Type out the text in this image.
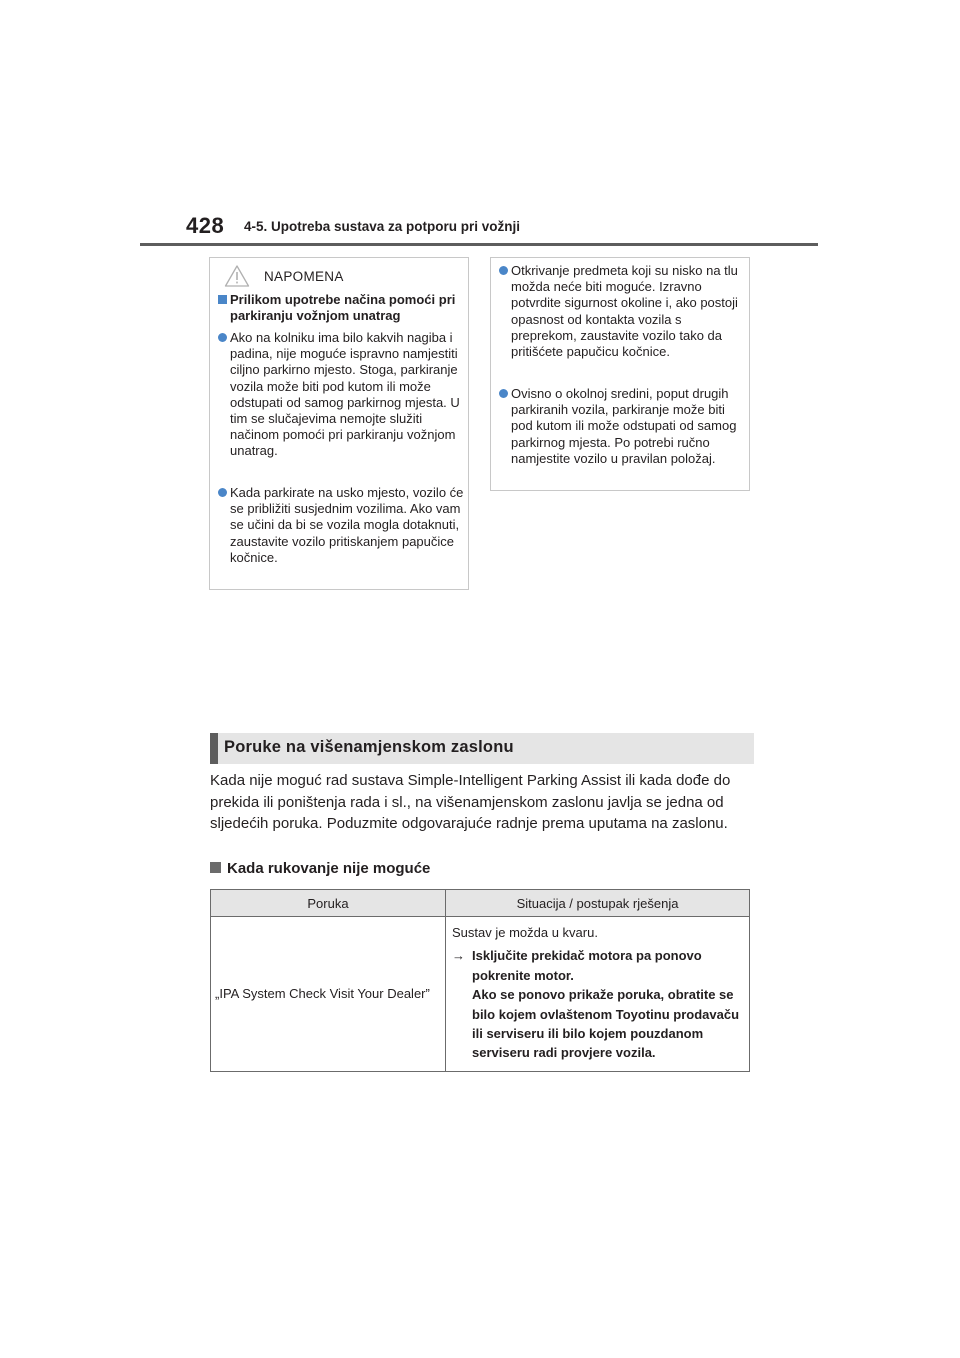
428 4-5. Upotreba sustava za potporu pri vožnji
NAPOMENA
Prilikom upotrebe načina pomoći pri parkiranju vožnjom unatrag
Ako na kolniku ima bilo kakvih nagiba i padina, nije moguće ispravno namjestiti ciljno parkirno mjesto. Stoga, parkiranje vozila može biti pod kutom ili može odstupati od samog parkirnog mjesta. U tim se slučajevima nemojte služiti načinom pomoći pri parkiranju vožnjom unatrag.
Kada parkirate na usko mjesto, vozilo će se približiti susjednim vozilima. Ako vam se učini da bi se vozila mogla dotaknuti, zaustavite vozilo pritiskanjem papučice kočnice.
Otkrivanje predmeta koji su nisko na tlu možda neće biti moguće. Izravno potvrdite sigurnost okoline i, ako postoji opasnost od kontakta vozila s preprekom, zaustavite vozilo tako da pritišćete papučicu kočnice.
Ovisno o okolnoj sredini, poput drugih parkiranih vozila, parkiranje može biti pod kutom ili može odstupati od samog parkirnog mjesta. Po potrebi ručno namjestite vozilo u pravilan položaj.
Poruke na višenamjenskom zaslonu
Kada nije moguć rad sustava Simple-Intelligent Parking Assist ili kada dođe do prekida ili poništenja rada i sl., na višenamjenskom zaslonu javlja se jedna od sljedećih poruka. Poduzmite odgovarajuće radnje prema uputama na zaslonu.
Kada rukovanje nije moguće
Poruka	Situacija / postupak rješenja
„IPA System Check Visit Your Dealer”	Sustav je možda u kvaru.
→ Isključite prekidač motora pa ponovo pokrenite motor.
Ako se ponovo prikaže poruka, obratite se bilo kojem ovlaštenom Toyotinu prodavaču ili serviseru ili bilo kojem pouzdanom serviseru radi provjere vozila.
